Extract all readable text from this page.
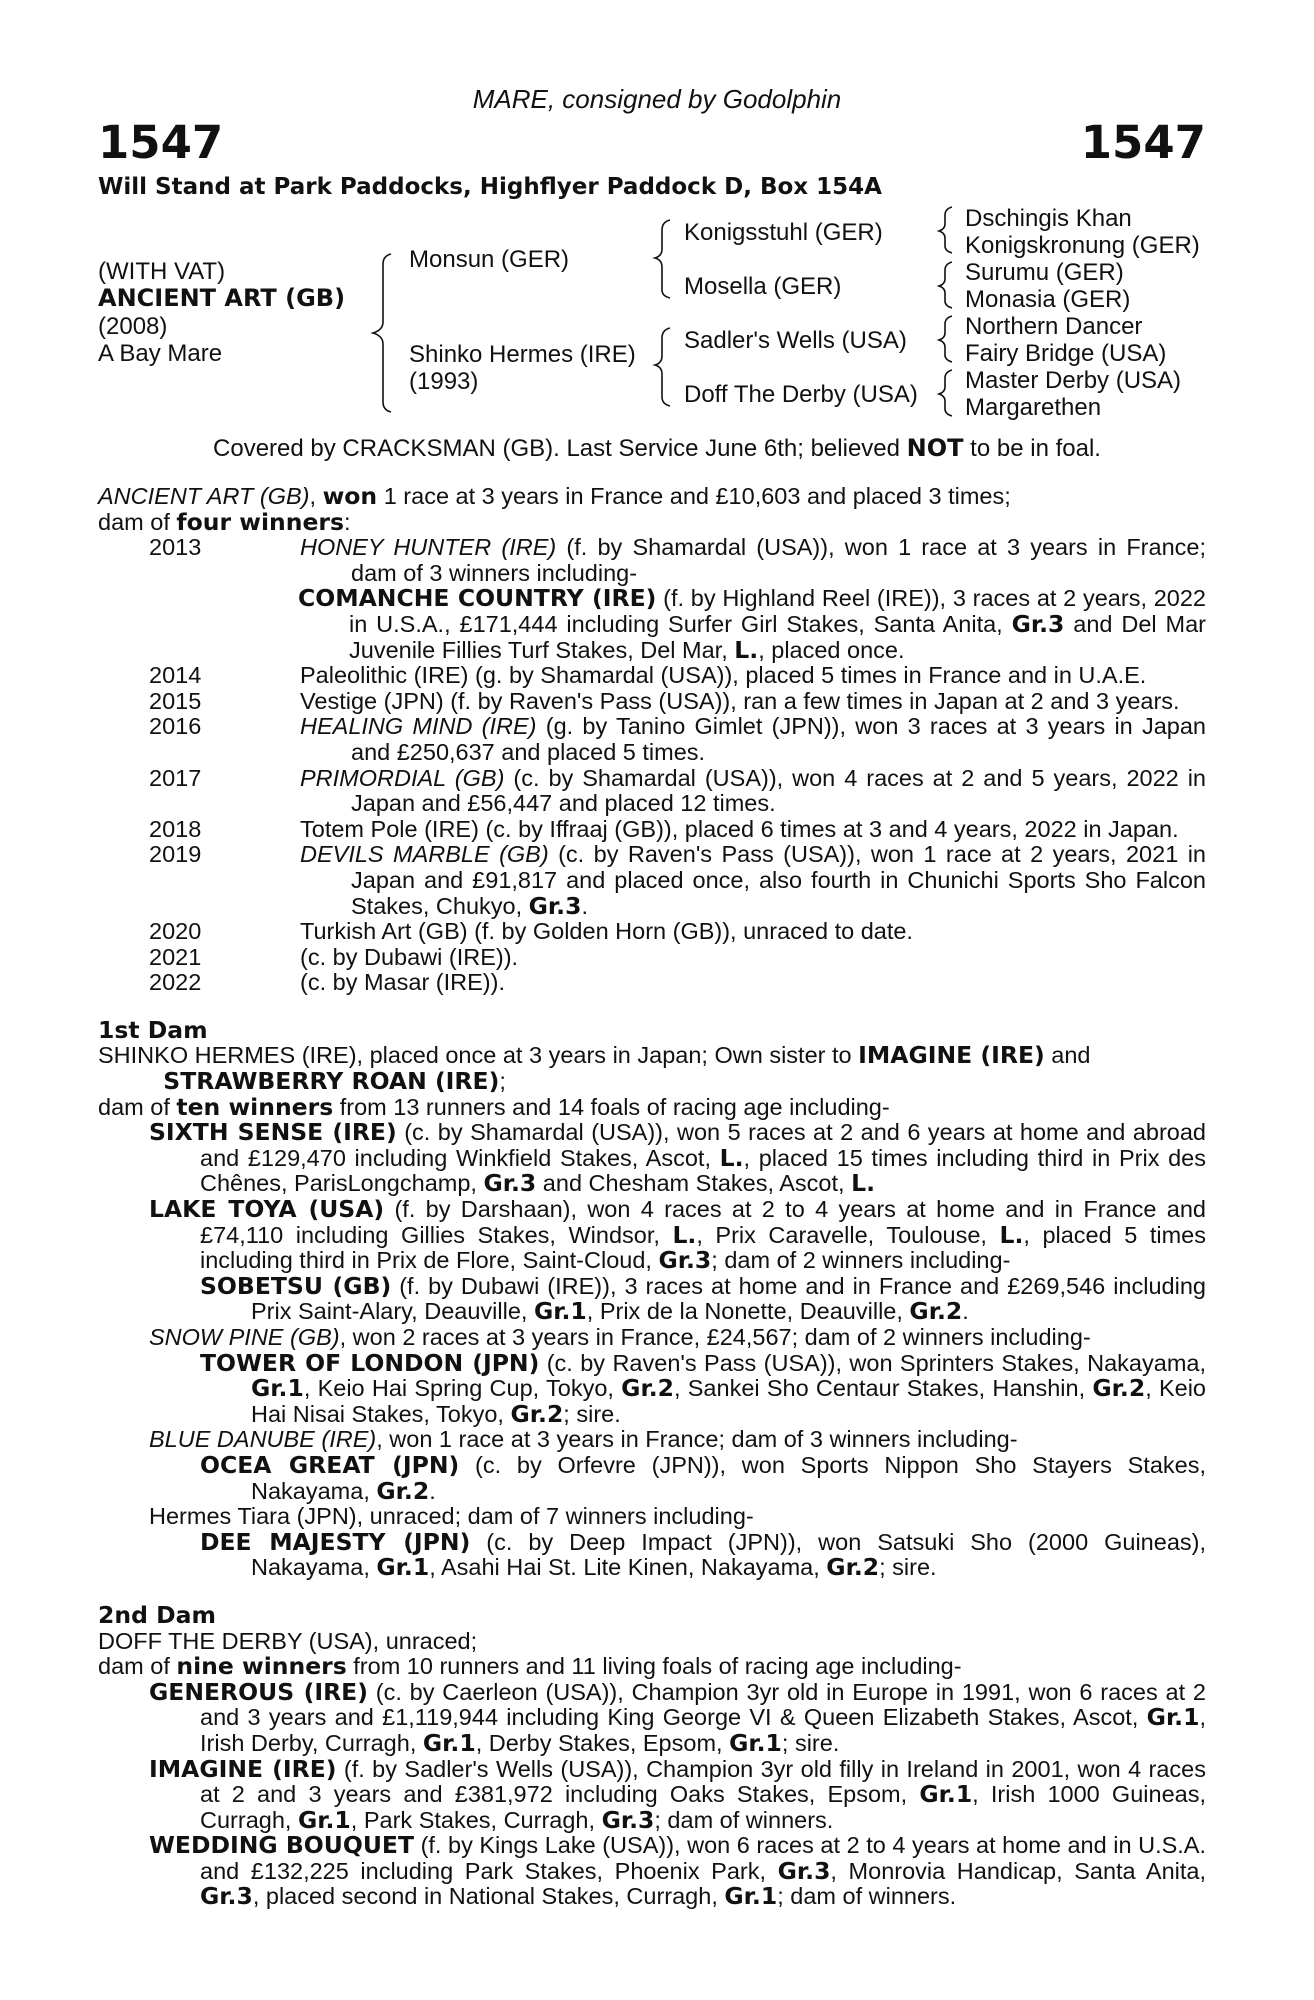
MARE, consigned by Godolphin
1547	1547
Will Stand at Park Paddocks, Highflyer Paddock D, Box 154A
(WITH VAT)
ANCIENT ART (GB)
(2008)
A Bay Mare
Monsun (GER)
Shinko Hermes (IRE)
(1993)
Konigsstuhl (GER)
Mosella (GER)
Sadler's Wells (USA)
Doff The Derby (USA)
Dschingis Khan
Konigskronung (GER)
Surumu (GER)
Monasia (GER)
Northern Dancer
Fairy Bridge (USA)
Master Derby (USA)
Margarethen
Covered by CRACKSMAN (GB). Last Service June 6th; believed NOT to be in foal.

ANCIENT ART (GB), won 1 race at 3 years in France and £10,603 and placed 3 times;
dam of four winners:

2013	HONEY HUNTER (IRE) (f. by Shamardal (USA)), won 1 race at 3 years in France; dam of 3 winners including-

COMANCHE COUNTRY (IRE) (f. by Highland Reel (IRE)), 3 races at 2 years, 2022 in U.S.A., £171,444 including Surfer Girl Stakes, Santa Anita, Gr.3 and Del Mar Juvenile Fillies Turf Stakes, Del Mar, L., placed once.

2014	Paleolithic (IRE) (g. by Shamardal (USA)), placed 5 times in France and in U.A.E.
2015	Vestige (JPN) (f. by Raven's Pass (USA)), ran a few times in Japan at 2 and 3 years.
2016	HEALING MIND (IRE) (g. by Tanino Gimlet (JPN)), won 3 races at 3 years in Japan and £250,637 and placed 5 times.
2017	PRIMORDIAL (GB) (c. by Shamardal (USA)), won 4 races at 2 and 5 years, 2022 in Japan and £56,447 and placed 12 times.
2018	Totem Pole (IRE) (c. by Iffraaj (GB)), placed 6 times at 3 and 4 years, 2022 in Japan.
2019	DEVILS MARBLE (GB) (c. by Raven's Pass (USA)), won 1 race at 2 years, 2021 in Japan and £91,817 and placed once, also fourth in Chunichi Sports Sho Falcon Stakes, Chukyo, Gr.3.
2020	Turkish Art (GB) (f. by Golden Horn (GB)), unraced to date.
2021	(c. by Dubawi (IRE)).
2022	(c. by Masar (IRE)).

1st Dam

SHINKO HERMES (IRE), placed once at 3 years in Japan; Own sister to IMAGINE (IRE) and
STRAWBERRY ROAN (IRE);
dam of ten winners from 13 runners and 14 foals of racing age including-

SIXTH SENSE (IRE) (c. by Shamardal (USA)), won 5 races at 2 and 6 years at home and abroad and £129,470 including Winkfield Stakes, Ascot, L., placed 15 times including third in Prix des Chênes, ParisLongchamp, Gr.3 and Chesham Stakes, Ascot, L.

LAKE TOYA (USA) (f. by Darshaan), won 4 races at 2 to 4 years at home and in France and £74,110 including Gillies Stakes, Windsor, L., Prix Caravelle, Toulouse, L., placed 5 times including third in Prix de Flore, Saint-Cloud, Gr.3; dam of 2 winners including-

SOBETSU (GB) (f. by Dubawi (IRE)), 3 races at home and in France and £269,546 including Prix Saint-Alary, Deauville, Gr.1, Prix de la Nonette, Deauville, Gr.2.

SNOW PINE (GB), won 2 races at 3 years in France, £24,567; dam of 2 winners including-

TOWER OF LONDON (JPN) (c. by Raven's Pass (USA)), won Sprinters Stakes, Nakayama, Gr.1, Keio Hai Spring Cup, Tokyo, Gr.2, Sankei Sho Centaur Stakes, Hanshin, Gr.2, Keio Hai Nisai Stakes, Tokyo, Gr.2; sire.

BLUE DANUBE (IRE), won 1 race at 3 years in France; dam of 3 winners including-

OCEA GREAT (JPN) (c. by Orfevre (JPN)), won Sports Nippon Sho Stayers Stakes, Nakayama, Gr.2.

Hermes Tiara (JPN), unraced; dam of 7 winners including-

DEE MAJESTY (JPN) (c. by Deep Impact (JPN)), won Satsuki Sho (2000 Guineas), Nakayama, Gr.1, Asahi Hai St. Lite Kinen, Nakayama, Gr.2; sire.

2nd Dam

DOFF THE DERBY (USA), unraced;
dam of nine winners from 10 runners and 11 living foals of racing age including-

GENEROUS (IRE) (c. by Caerleon (USA)), Champion 3yr old in Europe in 1991, won 6 races at 2 and 3 years and £1,119,944 including King George VI & Queen Elizabeth Stakes, Ascot, Gr.1, Irish Derby, Curragh, Gr.1, Derby Stakes, Epsom, Gr.1; sire.

IMAGINE (IRE) (f. by Sadler's Wells (USA)), Champion 3yr old filly in Ireland in 2001, won 4 races at 2 and 3 years and £381,972 including Oaks Stakes, Epsom, Gr.1, Irish 1000 Guineas, Curragh, Gr.1, Park Stakes, Curragh, Gr.3; dam of winners.

WEDDING BOUQUET (f. by Kings Lake (USA)), won 6 races at 2 to 4 years at home and in U.S.A. and £132,225 including Park Stakes, Phoenix Park, Gr.3, Monrovia Handicap, Santa Anita, Gr.3, placed second in National Stakes, Curragh, Gr.1; dam of winners.
